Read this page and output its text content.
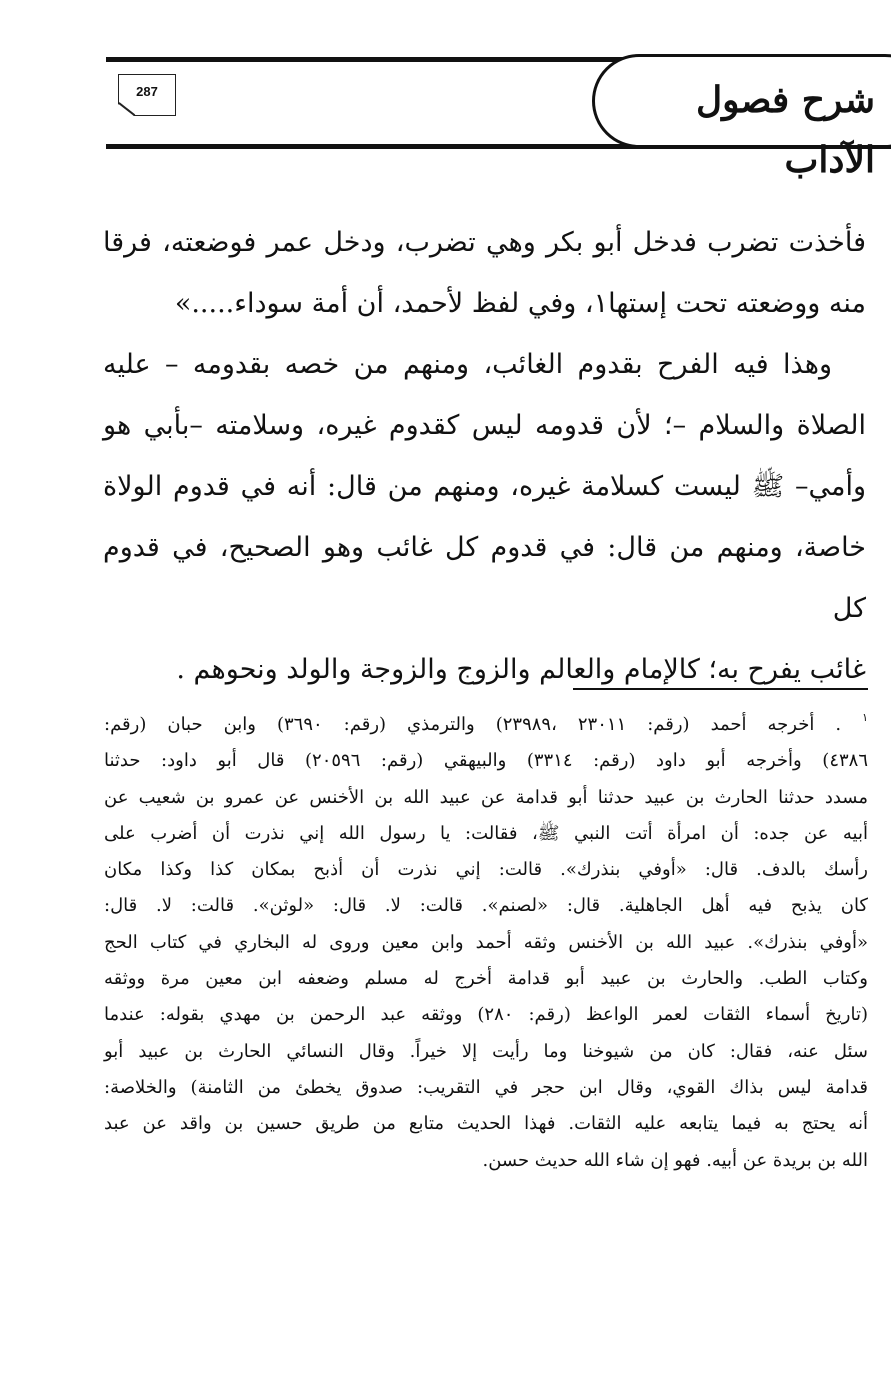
شرح فصول الآداب
287

فأخذت تضرب فدخل أبو بكر وهي تضرب، ودخل عمر فوضعته، فرقا

منه ووضعته تحت إستها١، وفي لفظ لأحمد، أن أمة سوداء.....»

وهذا فيه الفرح بقدوم الغائب، ومنهم من خصه بقدومه – عليه

الصلاة والسلام –؛ لأن قدومه ليس كقدوم غيره، وسلامته –بأبي هو

وأمي– ﷺ ليست كسلامة غيره، ومنهم من قال: أنه في قدوم الولاة

خاصة، ومنهم من قال: في قدوم كل غائب وهو الصحيح، في قدوم كل

غائب يفرح به؛ كالإمام والعالم والزوج والزوجة والولد ونحوهم .

$^١$ . أخرجه أحمد (رقم: ٢٣٠١١ ،٢٣٩٨٩) والترمذي (رقم: ٣٦٩٠) وابن حبان (رقم:

٤٣٨٦) وأخرجه أبو داود (رقم: ٣٣١٤) والبيهقي (رقم: ٢٠٥٩٦) قال أبو داود: حدثنا

مسدد حدثنا الحارث بن عبيد حدثنا أبو قدامة عن عبيد الله بن الأخنس عن عمرو بن شعيب عن

أبيه عن جده: أن امرأة أتت النبي ﷺ، فقالت: يا رسول الله إني نذرت أن أضرب على

رأسك بالدف. قال: «أوفي بنذرك». قالت: إني نذرت أن أذبح بمكان كذا وكذا مكان

كان يذبح فيه أهل الجاهلية. قال: «لصنم». قالت: لا. قال: «لوثن». قالت: لا. قال:

«أوفي بنذرك». عبيد الله بن الأخنس وثقه أحمد وابن معين وروى له البخاري في كتاب الحج

وكتاب الطب. والحارث بن عبيد أبو قدامة أخرج له مسلم وضعفه ابن معين مرة ووثقه

(تاريخ أسماء الثقات لعمر الواعظ (رقم: ٢٨٠) ووثقه عبد الرحمن بن مهدي بقوله: عندما

سئل عنه، فقال: كان من شيوخنا وما رأيت إلا خيراً. وقال النسائي الحارث بن عبيد أبو

قدامة ليس بذاك القوي، وقال ابن حجر في التقريب: صدوق يخطئ من الثامنة) والخلاصة:

أنه يحتج به فيما يتابعه عليه الثقات. فهذا الحديث متابع من طريق حسين بن واقد عن عبد

الله بن بريدة عن أبيه. فهو إن شاء الله حديث حسن.
